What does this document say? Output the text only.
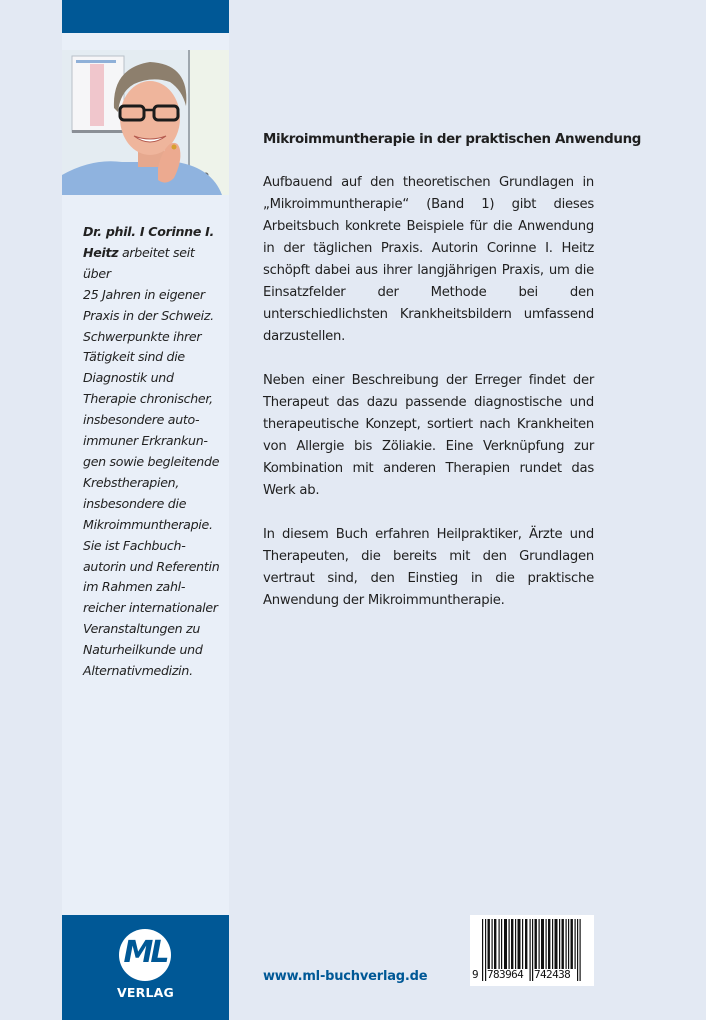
Dr. phil. I Corinne I.
Heitz arbeitet seit über
25 Jahren in eigener
Praxis in der Schweiz.
Schwerpunkte ihrer
Tätigkeit sind die
Diagnostik und
Therapie chronischer,
insbesondere auto-
immuner Erkrankun-
gen sowie begleitende
Krebstherapien,
insbesondere die
Mikroimmuntherapie.
Sie ist Fachbuch-
autorin und Referentin
im Rahmen zahl-
reicher internationaler
Veranstaltungen zu
Naturheilkunde und
Alternativmedizin.
ML
VERLAG
Mikroimmuntherapie in der praktischen Anwendung

Aufbauend auf den theoretischen Grundlagen in „Mikroimmuntherapie“ (Band 1) gibt dieses Arbeitsbuch konkrete Beispiele für die Anwendung in der täglichen Praxis. Autorin Corinne I. Heitz schöpft dabei aus ihrer langjährigen Praxis, um die Einsatzfelder der Methode bei den unterschiedlichsten Krankheitsbildern umfassend darzustellen.

Neben einer Beschreibung der Erreger findet der Therapeut das dazu passende diagnostische und therapeutische Konzept, sortiert nach Krankheiten von Allergie bis Zöliakie. Eine Verknüpfung zur Kombination mit anderen Therapien rundet das Werk ab.

In diesem Buch erfahren Heilpraktiker, Ärzte und Therapeuten, die bereits mit den Grundlagen vertraut sind, den Einstieg in die praktische Anwendung der Mikroimmuntherapie.

www.ml-buchverlag.de	9 783964 742438
